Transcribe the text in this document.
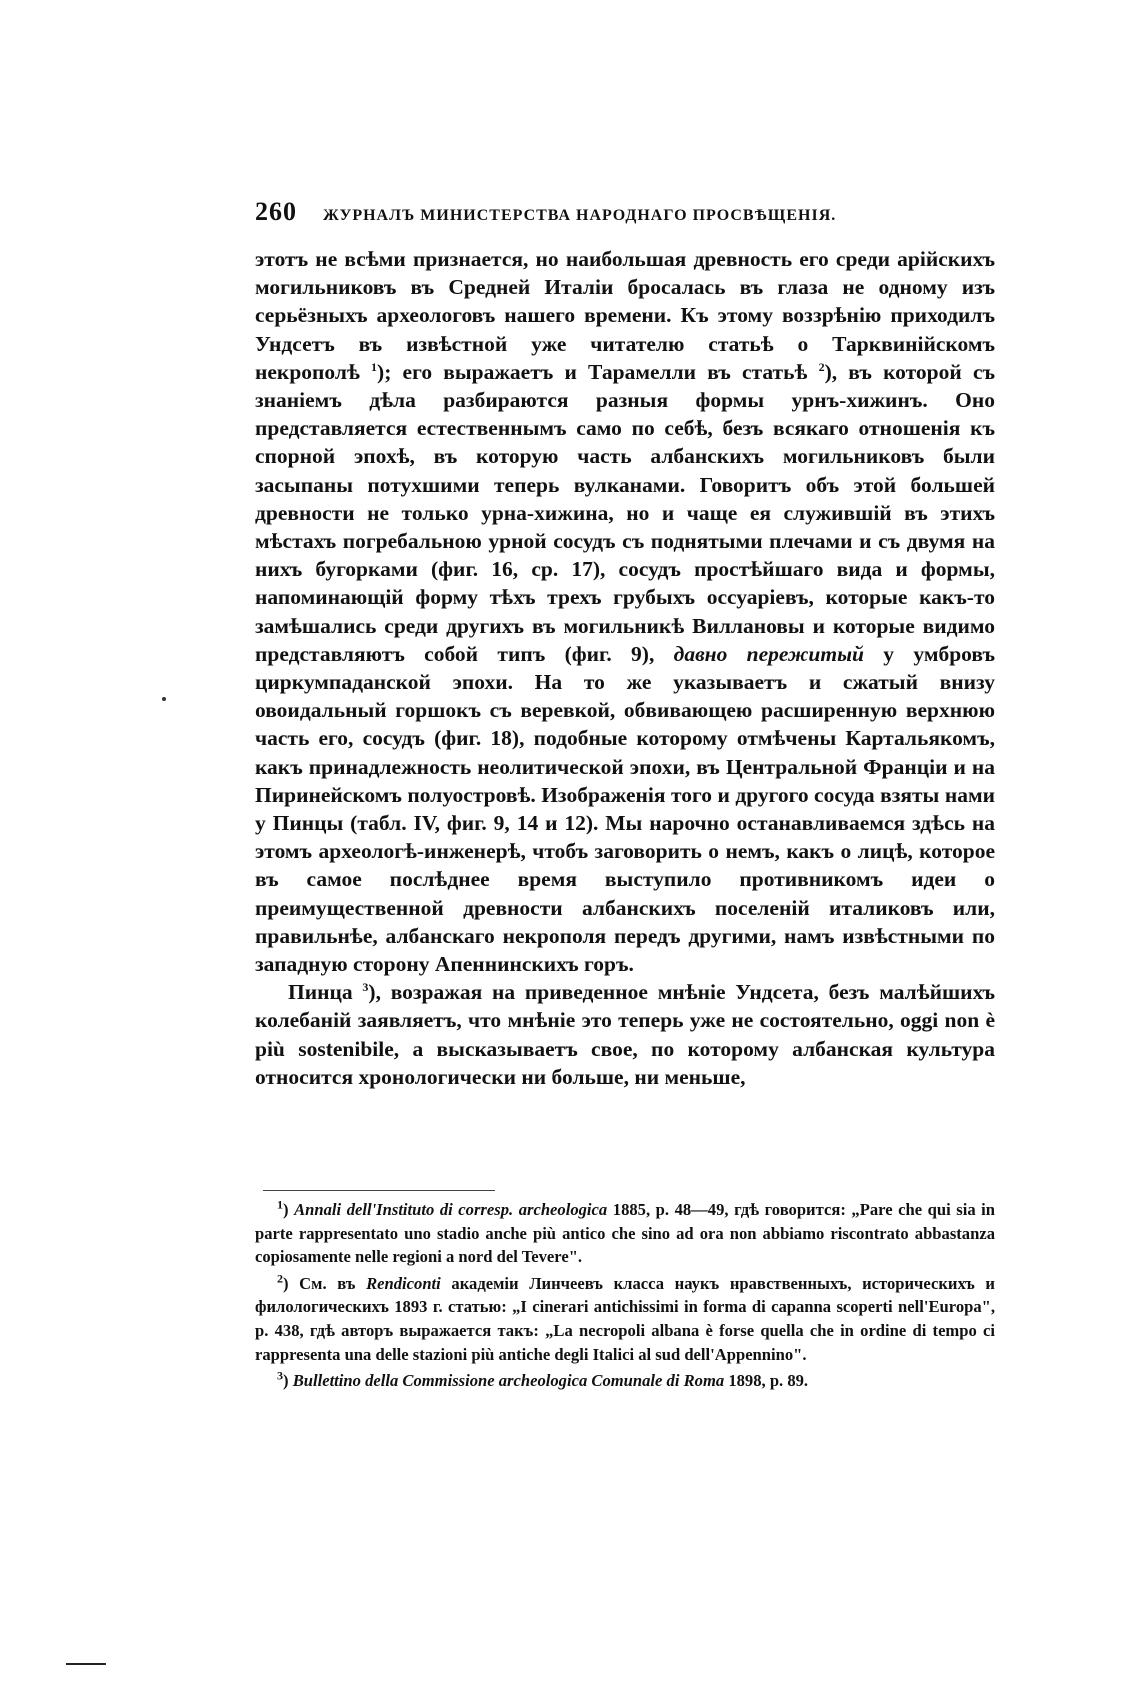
260 ЖУРНАЛЪ МИНИСТЕРСТВА НАРОДНАГО ПРОСВѢЩЕНІЯ.

этотъ не всѣми признается, но наибольшая древность его среди арійскихъ могильниковъ въ Средней Италіи бросалась въ глаза не одному изъ серьёзныхъ археологовъ нашего времени. Къ этому воззрѣнію приходилъ Ундсетъ въ извѣстной уже читателю статьѣ о Тарквинійскомъ некрополѣ $^1$); его выражаетъ и Тарамелли въ статьѣ $^2$), въ которой съ знаніемъ дѣла разбираются разныя формы урнъ-хижинъ. Оно представляется естественнымъ само по себѣ, безъ всякаго отношенія къ спорной эпохѣ, въ которую часть албанскихъ могильниковъ были засыпаны потухшими теперь вулканами. Говоритъ объ этой большей древности не только урна-хижина, но и чаще ея служившій въ этихъ мѣстахъ погребальною урной сосудъ съ поднятыми плечами и съ двумя на нихъ бугорками (фиг. 16, ср. 17), сосудъ простѣйшаго вида и формы, напоминающій форму тѣхъ трехъ грубыхъ оссуаріевъ, которые какъ-то замѣшались среди другихъ въ могильникѣ Виллановы и которые видимо представляютъ собой типъ (фиг. 9), давно пережитый у умбровъ циркумпаданской эпохи. На то же указываетъ и сжатый внизу овоидальный горшокъ съ веревкой, обвивающею расширенную верхнюю часть его, сосудъ (фиг. 18), подобные которому отмѣчены Картальякомъ, какъ принадлежность неолитической эпохи, въ Центральной Франціи и на Пиринейскомъ полуостровѣ. Изображенія того и другого сосуда взяты нами у Пинцы (табл. IV, фиг. 9, 14 и 12). Мы нарочно останавливаемся здѣсь на этомъ археологѣ-инженерѣ, чтобъ заговорить о немъ, какъ о лицѣ, которое въ самое послѣднее время выступило противникомъ идеи о преимущественной древности албанскихъ поселеній италиковъ или, правильнѣе, албанскаго некрополя передъ другими, намъ извѣстными по западную сторону Апеннинскихъ горъ.

Пинца $^3$), возражая на приведенное мнѣніе Ундсета, безъ малѣйшихъ колебаній заявляетъ, что мнѣніе это теперь уже не состоятельно, oggi non è più sostenibile, а высказываетъ свое, по которому албанская культура относится хронологически ни больше, ни меньше,

$^1$) Annali dell'Instituto di corresp. archeologica 1885, p. 48—49, гдѣ говорится: „Pare che qui sia in parte rappresentato uno stadio anche più antico che sino ad ora non abbiamo riscontrato abbastanza copiosamente nelle regioni a nord del Tevere".

$^2$) См. въ Rendiconti академіи Линчеевъ класса наукъ нравственныхъ, историческихъ и филологическихъ 1893 г. статью: „I cinerari antichissimi in forma di capanna scoperti nell'Europa", p. 438, гдѣ авторъ выражается такъ: „La necropoli albana è forse quella che in ordine di tempo ci rappresenta una delle stazioni più antiche degli Italici al sud dell'Appennino".

$^3$) Bullettino della Commissione archeologica Comunale di Roma 1898, p. 89.
